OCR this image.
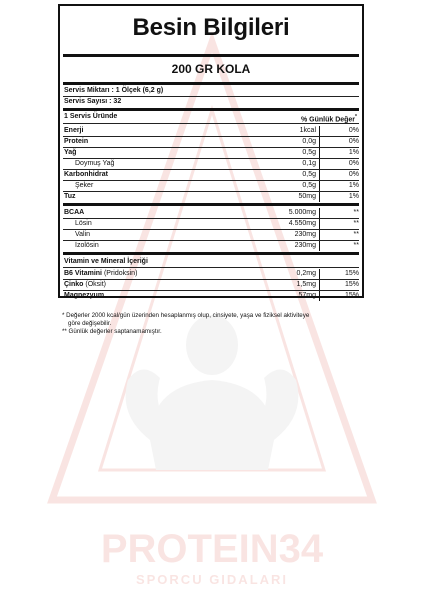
PROTEIN34
SPORCU GIDALARI
Besin Bilgileri
200 GR KOLA
Servis Miktarı : 1 Ölçek (6,2 g)
Servis Sayısı : 32
1 Servis Üründe	% Günlük Değer*
Enerji	1kcal	0%
Protein	0,0g	0%
Yağ	0,5g	1%
Doymuş Yağ	0,1g	0%
Karbonhidrat	0,5g	0%
Şeker	0,5g	1%
Tuz	50mg	1%
BCAA	5.000mg	**
Lösin	4.550mg	**
Valin	230mg	**
İzolösin	230mg	**
Vitamin ve Mineral İçeriği
B6 Vitamini (Pridoksin)	0,2mg	15%
Çinko (Oksit)	1,5mg	15%
Magnezyum	57mg	15%
* Değerler 2000 kcal/gün üzerinden hesaplanmış olup, cinsiyete, yaşa ve fiziksel aktiviteye
göre değişebilir.
** Günlük değerler saptanamamıştır.
